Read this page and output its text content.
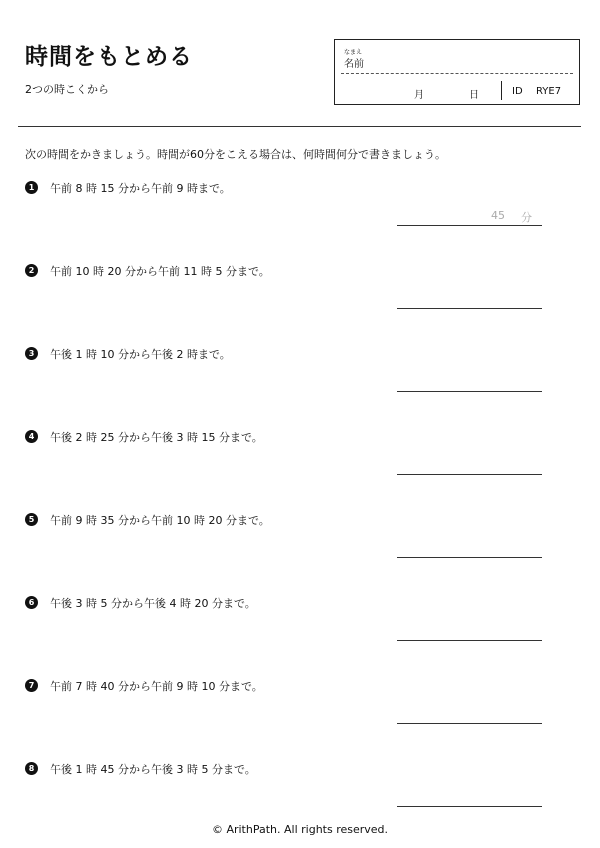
時間をもとめる
2つの時こくから
なまえ
名前
月	日	ID RYE7
次の時間をかきましょう。時間が60分をこえる場合は、何時間何分で書きましょう。
1	午前 8 時 15 分から午前 9 時まで。
45 分
2	午前 10 時 20 分から午前 11 時 5 分まで。
3	午後 1 時 10 分から午後 2 時まで。
4	午後 2 時 25 分から午後 3 時 15 分まで。
5	午前 9 時 35 分から午前 10 時 20 分まで。
6	午後 3 時 5 分から午後 4 時 20 分まで。
7	午前 7 時 40 分から午前 9 時 10 分まで。
8	午後 1 時 45 分から午後 3 時 5 分まで。
© ArithPath. All rights reserved.
